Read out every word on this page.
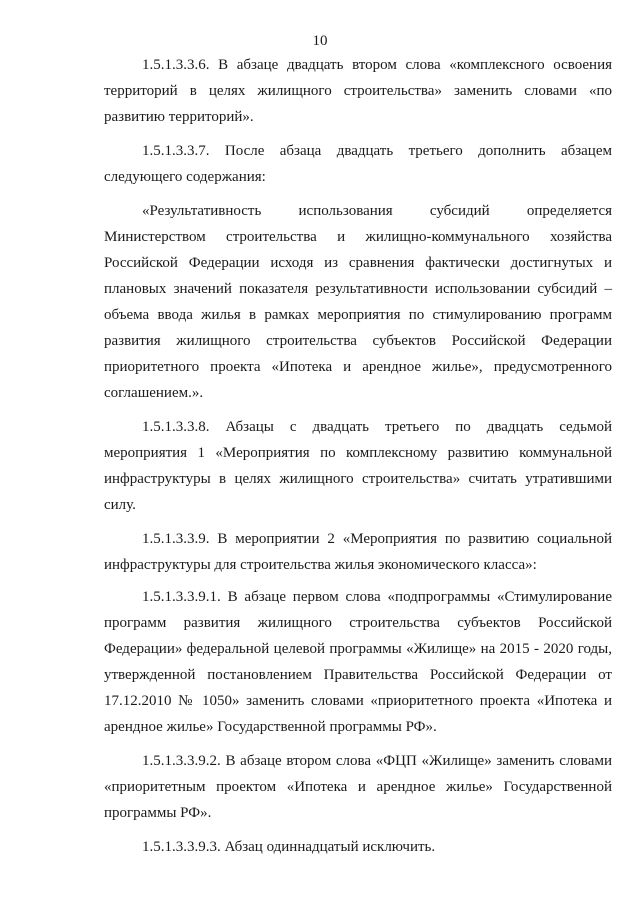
10

1.5.1.3.3.6. В абзаце двадцать втором слова «комплексного освоения территорий в целях жилищного строительства» заменить словами «по развитию территорий».

1.5.1.3.3.7. После абзаца двадцать третьего дополнить абзацем следующего содержания:

«Результативность использования субсидий определяется Министерством строительства и жилищно-коммунального хозяйства Российской Федерации исходя из сравнения фактически достигнутых и плановых значений показателя результативности использовании субсидий – объема ввода жилья в рамках мероприятия по стимулированию программ развития жилищного строительства субъектов Российской Федерации приоритетного проекта «Ипотека и арендное жилье», предусмотренного соглашением.».

1.5.1.3.3.8. Абзацы с двадцать третьего по двадцать седьмой мероприятия 1 «Мероприятия по комплексному развитию коммунальной инфраструктуры в целях жилищного строительства» считать утратившими силу.

1.5.1.3.3.9. В мероприятии 2 «Мероприятия по развитию социальной инфраструктуры для строительства жилья экономического класса»:

1.5.1.3.3.9.1. В абзаце первом слова «подпрограммы «Стимулирование программ развития жилищного строительства субъектов Российской Федерации» федеральной целевой программы «Жилище» на 2015 - 2020 годы, утвержденной постановлением Правительства Российской Федерации от 17.12.2010 № 1050» заменить словами «приоритетного проекта «Ипотека и арендное жилье» Государственной программы РФ».

1.5.1.3.3.9.2. В абзаце втором слова «ФЦП «Жилище» заменить словами «приоритетным проектом «Ипотека и арендное жилье» Государственной программы РФ».

1.5.1.3.3.9.3. Абзац одиннадцатый исключить.
